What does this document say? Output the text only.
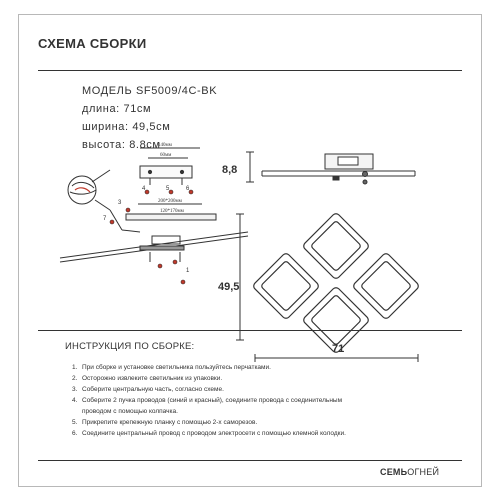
СХЕМА СБОРКИ
МОДЕЛЬ SF5009/4C-BK
длина: 71см
ширина: 49,5см
высота: 8.8см
8,8
140мм
60мм
200*200мм
120*170мм
3
4	5	6
7
1
49,5
71
ИНСТРУКЦИЯ ПО СБОРКЕ:
1. При сборке и установке светильника пользуйтесь перчатками.
2. Осторожно извлеките светильник из упаковки.
3. Соберите центральную часть, согласно схеме.
4. Соберите 2 пучка проводов (синий и красный), соедините провода с соединительным
проводом с помощью колпачка.
5. Прикрепите крепежную планку с помощью 2-х саморезов.
6. Соедините центральный провод с проводом электросети с помощью клемной колодки.
СЕМЬОГНЕЙ
